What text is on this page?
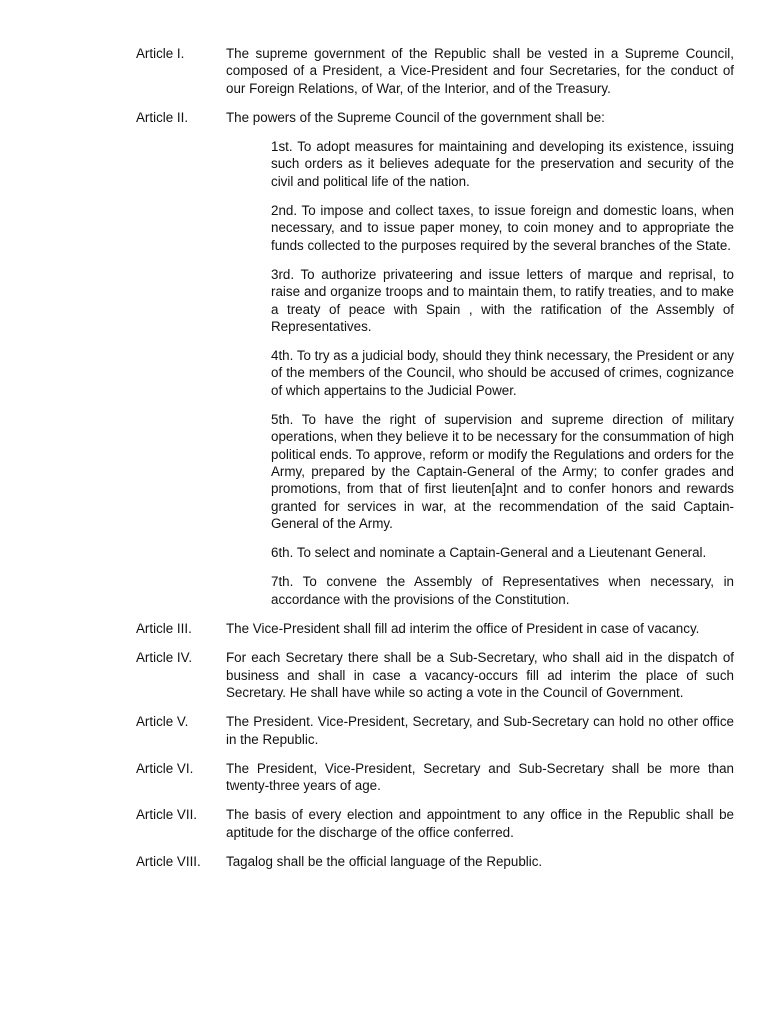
Article I.	The supreme government of the Republic shall be vested in a Supreme Council, composed of a President, a Vice-President and four Secretaries, for the conduct of our Foreign Relations, of War, of the Interior, and of the Treasury.
Article II.	The powers of the Supreme Council of the government shall be:
1st. To adopt measures for maintaining and developing its existence, issuing such orders as it believes adequate for the preservation and security of the civil and political life of the nation.
2nd. To impose and collect taxes, to issue foreign and domestic loans, when necessary, and to issue paper money, to coin money and to appropriate the funds collected to the purposes required by the several branches of the State.
3rd. To authorize privateering and issue letters of marque and reprisal, to raise and organize troops and to maintain them, to ratify treaties, and to make a treaty of peace with Spain , with the ratification of the Assembly of Representatives.
4th. To try as a judicial body, should they think necessary, the President or any of the members of the Council, who should be accused of crimes, cognizance of which appertains to the Judicial Power.
5th. To have the right of supervision and supreme direction of military operations, when they believe it to be necessary for the consummation of high political ends. To approve, reform or modify the Regulations and orders for the Army, prepared by the Captain-General of the Army; to confer grades and promotions, from that of first lieuten[a]nt and to confer honors and rewards granted for services in war, at the recommendation of the said Captain-General of the Army.
6th. To select and nominate a Captain-General and a Lieutenant General.
7th. To convene the Assembly of Representatives when necessary, in accordance with the provisions of the Constitution.
Article III.	The Vice-President shall fill ad interim the office of President in case of vacancy.
Article IV.	For each Secretary there shall be a Sub-Secretary, who shall aid in the dispatch of business and shall in case a vacancy-occurs fill ad interim the place of such Secretary. He shall have while so acting a vote in the Council of Government.
Article V.	The President. Vice-President, Secretary, and Sub-Secretary can hold no other office in the Republic.
Article VI.	The President, Vice-President, Secretary and Sub-Secretary shall be more than twenty-three years of age.
Article VII.	The basis of every election and appointment to any office in the Republic shall be aptitude for the discharge of the office conferred.
Article VIII.	Tagalog shall be the official language of the Republic.
